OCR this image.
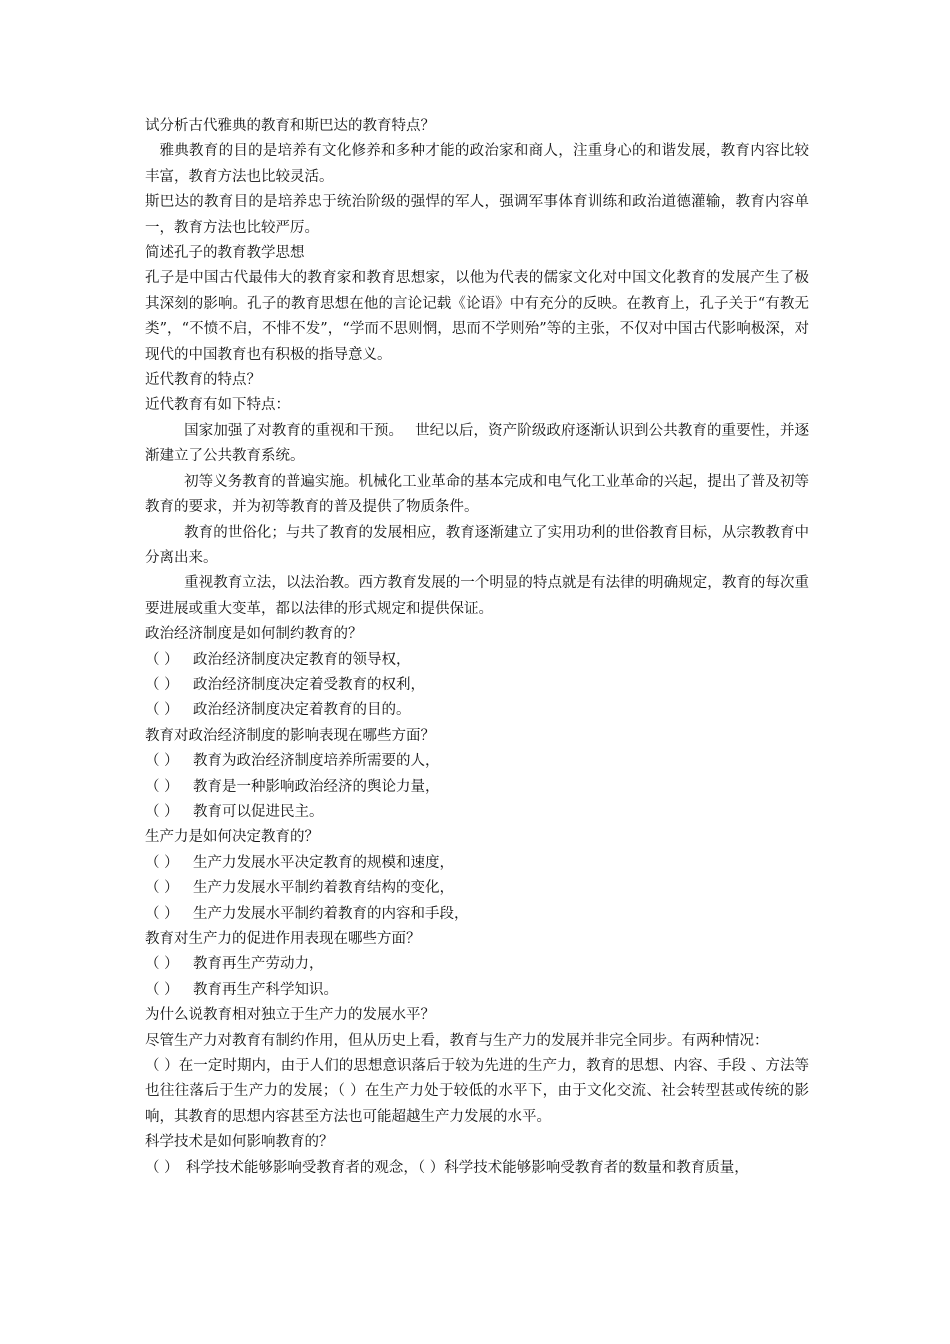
试分析古代雅典的教育和斯巴达的教育特点？

雅典教育的目的是培养有文化修养和多种才能的政治家和商人，注重身心的和谐发展，教育内容比较丰富，教育方法也比较灵活。

斯巴达的教育目的是培养忠于统治阶级的强悍的军人，强调军事体育训练和政治道德灌输，教育内容单一，教育方法也比较严厉。

简述孔子的教育教学思想

孔子是中国古代最伟大的教育家和教育思想家，以他为代表的儒家文化对中国文化教育的发展产生了极其深刻的影响。孔子的教育思想在他的言论记载《论语》中有充分的反映。在教育上，孔子关于“有教无类”，“不愤不启，不悱不发”，“学而不思则惘，思而不学则殆”等的主张，不仅对中国古代影响极深，对现代的中国教育也有积极的指导意义。

近代教育的特点？

近代教育有如下特点：

国家加强了对教育的重视和干预。　 世纪以后，资产阶级政府逐渐认识到公共教育的重要性，并逐渐建立了公共教育系统。

初等义务教育的普遍实施。机械化工业革命的基本完成和电气化工业革命的兴起，提出了普及初等教育的要求，并为初等教育的普及提供了物质条件。

教育的世俗化；与共了教育的发展相应，教育逐渐建立了实用功利的世俗教育目标，从宗教教育中分离出来。

重视教育立法，以法治教。西方教育发展的一个明显的特点就是有法律的明确规定，教育的每次重要进展或重大变革，都以法律的形式规定和提供保证。

政治经济制度是如何制约教育的？

（ ） 政治经济制度决定教育的领导权，
（ ） 政治经济制度决定着受教育的权利，
（ ） 政治经济制度决定着教育的目的。

教育对政治经济制度的影响表现在哪些方面？

（ ） 教育为政治经济制度培养所需要的人，
（ ） 教育是一种影响政治经济的舆论力量，
（ ） 教育可以促进民主。

生产力是如何决定教育的？

（ ） 生产力发展水平决定教育的规模和速度，
（ ） 生产力发展水平制约着教育结构的变化，
（ ） 生产力发展水平制约着教育的内容和手段，

教育对生产力的促进作用表现在哪些方面？

（ ） 教育再生产劳动力，
（ ） 教育再生产科学知识。

为什么说教育相对独立于生产力的发展水平？

尽管生产力对教育有制约作用，但从历史上看，教育与生产力的发展并非完全同步。有两种情况：

（ ）在一定时期内，由于人们的思想意识落后于较为先进的生产力，教育的思想、内容、手段 、方法等也往往落后于生产力的发展；（ ）在生产力处于较低的水平下，由于文化交流、社会转型甚或传统的影响，其教育的思想内容甚至方法也可能超越生产力发展的水平。

科学技术是如何影响教育的？

（ ）　科学技术能够影响受教育者的观念，（ ）科学技术能够影响受教育者的数量和教育质量，
